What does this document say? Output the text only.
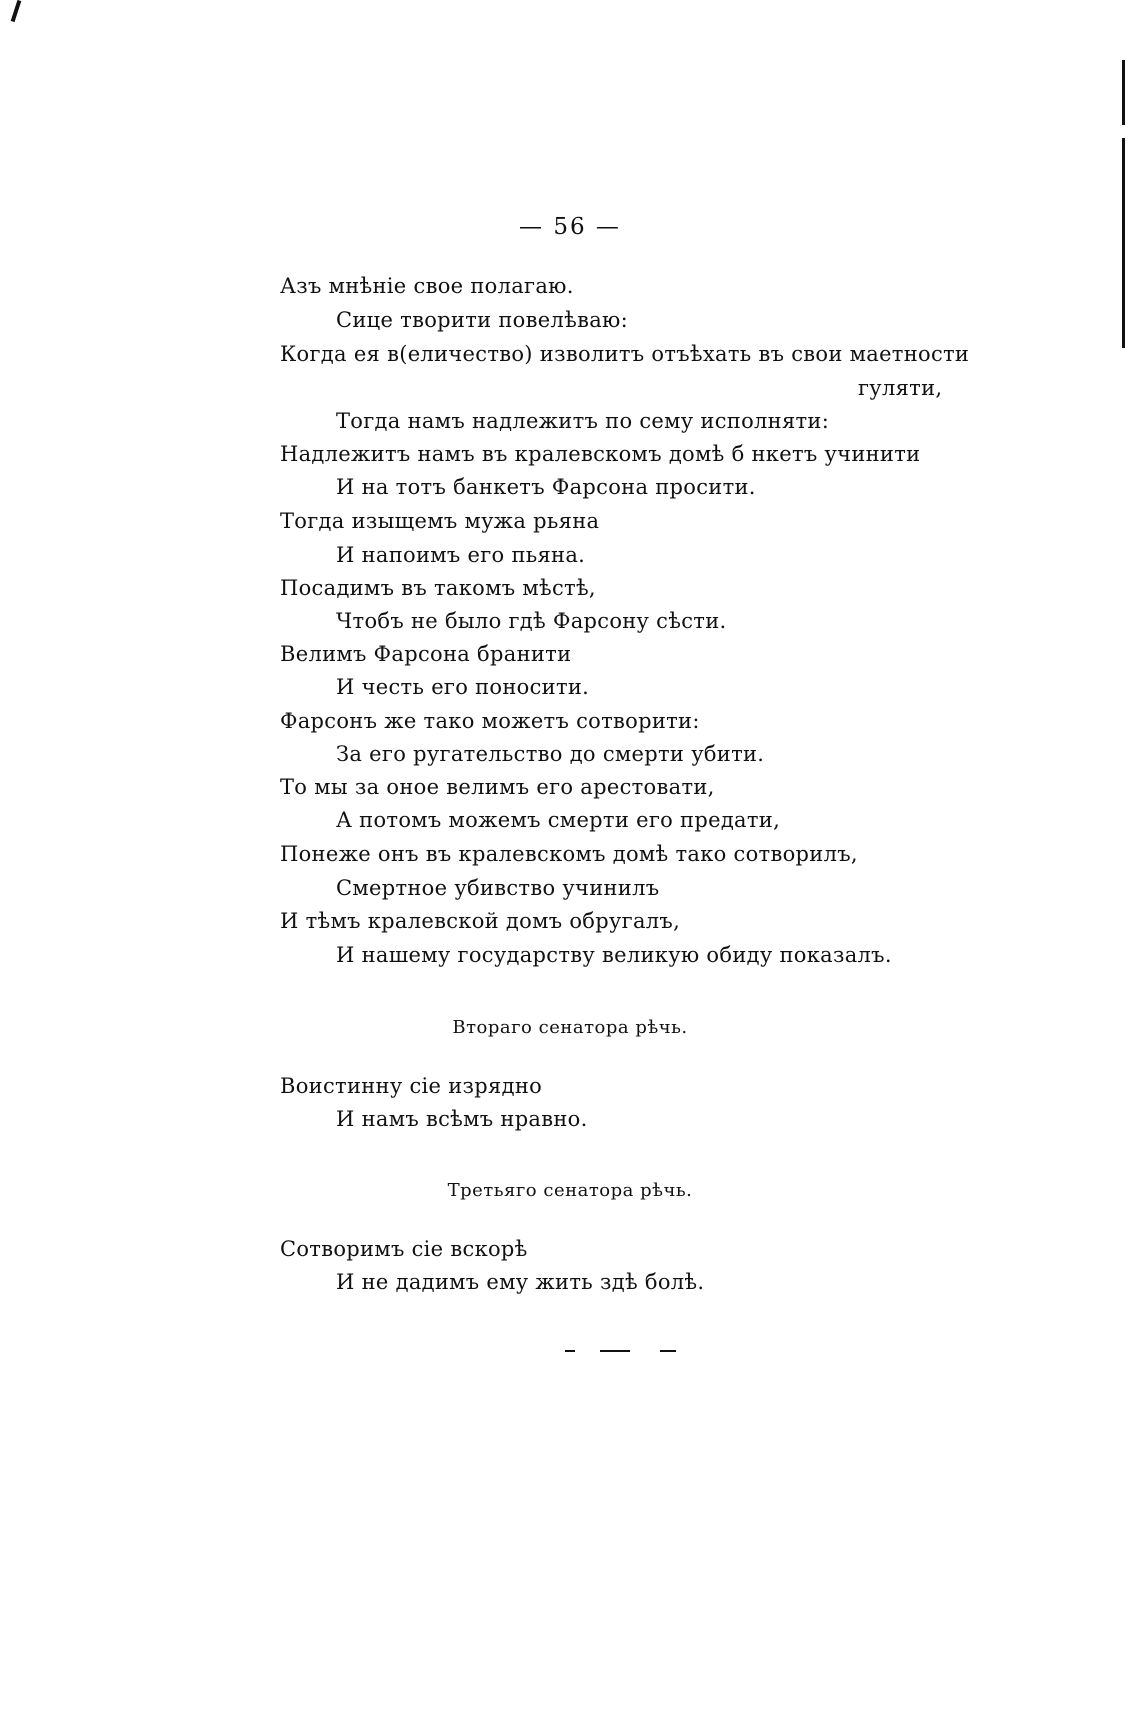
— 56 —
Азъ мнѣніе свое полагаю.
Сице творити повелѣваю:
Когда ея в(еличество) изволитъ отъѣхать въ свои маетности
гуляти,
Тогда намъ надлежитъ по сему исполняти:
Надлежитъ намъ въ кралевскомъ домѣ б нкетъ учинити
И на тотъ банкетъ Фарсона просити.
Тогда изыщемъ мужа рьяна
И напоимъ его пьяна.
Посадимъ въ такомъ мѣстѣ,
Чтобъ не было гдѣ Фарсону сѣсти.
Велимъ Фарсона бранити
И честь его поносити.
Фарсонъ же тако можетъ сотворити:
За его ругательство до смерти убити.
То мы за оное велимъ его арестовати,
А потомъ можемъ смерти его предати,
Понеже онъ въ кралевскомъ домѣ тако сотворилъ,
Смертное убивство учинилъ
И тѣмъ кралевской домъ обругалъ,
И нашему государству великую обиду показалъ.
Вторaго сенатора рѣчь.
Воистинну сіе изрядно
И намъ всѣмъ нравно.
Третьяго сенатора рѣчь.
Сотворимъ сіе вскорѣ
И не дадимъ ему жить здѣ болѣ.
